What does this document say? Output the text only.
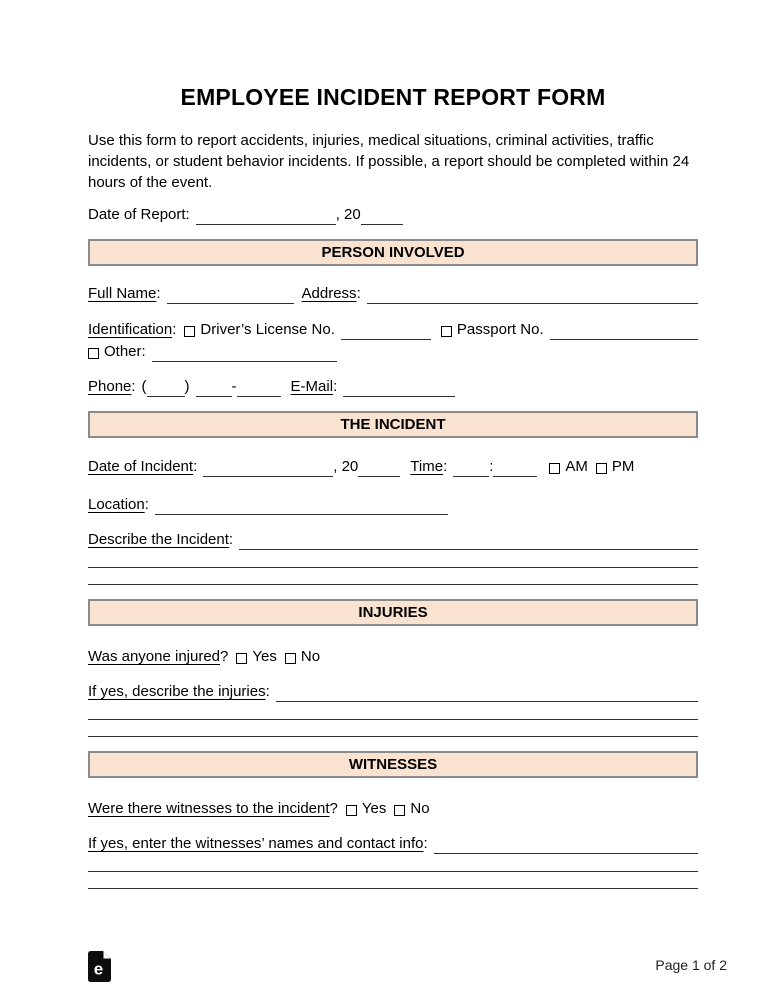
EMPLOYEE INCIDENT REPORT FORM

Use this form to report accidents, injuries, medical situations, criminal activities, traffic incidents, or student behavior incidents. If possible, a report should be completed within 24 hours of the event.

Date of Report:	, 20
PERSON INVOLVED
Full Name :	Address :
Identification : Driver’s License No.	Passport No.
Other:
Phone : (	)	-	E-Mail :
THE INCIDENT
Date of Incident :	, 20	Time :	:	AM PM
Location :
Describe the Incident :
INJURIES
Was anyone injured ? Yes No
If yes, describe the injuries :
WITNESSES
Were there witnesses to the incident ? Yes No
If yes, enter the witnesses’ names and contact info :
e	Page 1 of 2
